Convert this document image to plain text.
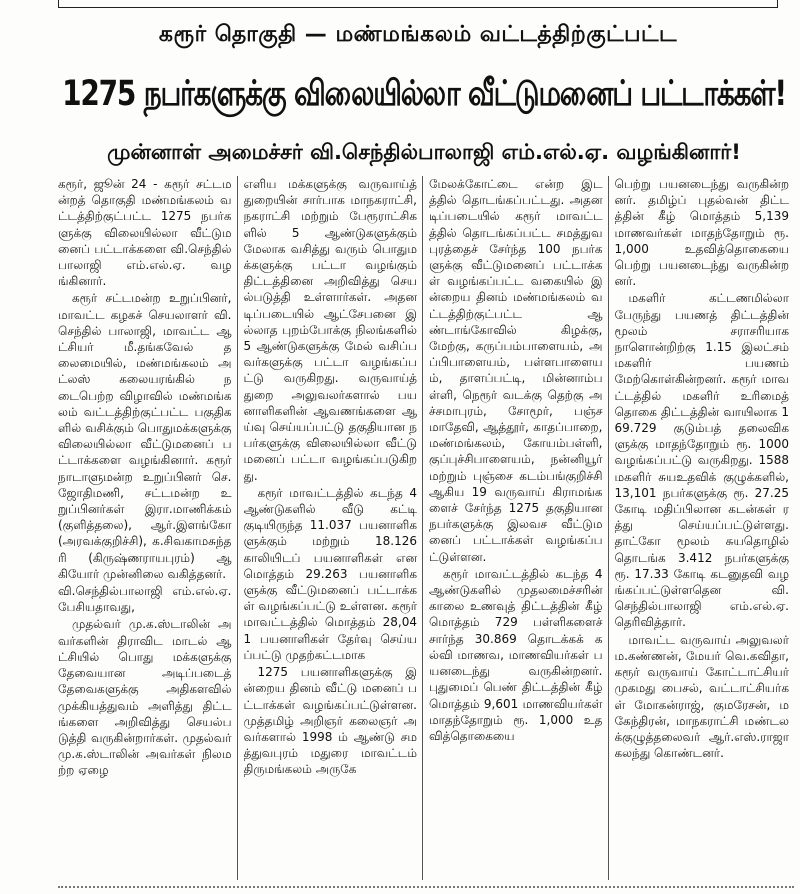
கரூர் தொகுதி — மண்மங்கலம் வட்டத்திற்குட்பட்ட
1275 நபர்களுக்கு விலையில்லா வீட்டுமனைப் பட்டாக்கள்!
முன்னாள் அமைச்சர் வி.செந்தில்பாலாஜி எம்.எல்.ஏ. வழங்கினார்!

கரூர், ஜூன் 24 - கரூர் சட்டமன்றத் தொகுதி மண்மங்கலம் வட்டத்திற்குட்பட்ட 1275 நபர்களுக்கு விலையில்லா வீட்டுமனைப் பட்டாக்களை வி.செந்தில் பாலாஜி எம்.எல்.ஏ. வழங்கினார்.

கரூர் சட்டமன்ற உறுப்பினர், மாவட்ட கழகச் செயலாளர் வி.செந்தில் பாலாஜி, மாவட்ட ஆட்சியர் மீ.தங்கவேல் தலைமையில், மண்மங்கலம் அட்லஸ் கலையரங்கில் நடைபெற்ற விழாவில் மண்மங்கலம் வட்டத்திற்குட்பட்ட பகுதிகளில் வசிக்கும் பொதுமக்களுக்கு விலையில்லா வீட்டுமனைப் பட்டாக்களை வழங்கினார். கரூர் நாடாளுமன்ற உறுப்பினர் செ.ஜோதிமணி, சட்டமன்ற உறுப்பினர்கள் இரா.மாணிக்கம் (குளித்தலை), ஆர்.இளங்கோ (அரவக்குறிச்சி), க.சிவகாமசுந்தரி (கிருஷ்ணராயபுரம்) ஆகியோர் முன்னிலை வகித்தனர்.

வி.செந்தில்பாலாஜி எம்.எல்.ஏ. பேசியதாவது,

முதல்வர் மு.க.ஸ்டாலின் அவர்களின் திராவிட மாடல் ஆட்சியில் பொது மக்களுக்கு தேவையான அடிப்படைத் தேவைகளுக்கு அதிகளவில் முக்கியத்துவம் அளித்து திட்டங்களை அறிவித்து செயல்படுத்தி வருகின்றார்கள். முதல்வர் மு.க.ஸ்டாலின் அவர்கள் நிலமற்ற ஏழை

எளிய மக்களுக்கு வருவாய்த் துறையின் சார்பாக மாநகராட்சி, நகராட்சி மற்றும் பேரூராட்சிகளில் 5 ஆண்டுகளுக்கும் மேலாக வசித்து வரும் பொதுமக்களுக்கு பட்டா வழங்கும் திட்டத்தினை அறிவித்து செயல்படுத்தி உள்ளார்கள். அதனடிப்படையில் ஆட்சேபனை இல்லாத புறம்போக்கு நிலங்களில் 5 ஆண்டுகளுக்கு மேல் வசிப்பவர்களுக்கு பட்டா வழங்கப்பட்டு வருகிறது. வருவாய்த் துறை அலுவலர்களால் பயனாளிகளின் ஆவணங்களை ஆய்வு செய்யப்பட்டு தகுதியான நபர்களுக்கு விலையில்லா வீட்டு மனைப் பட்டா வழங்கப்படுகிறது.

கரூர் மாவட்டத்தில் கடந்த 4 ஆண்டுகளில் வீடு கட்டி குடியிருந்த 11.037 பயனாளிகளுக்கும் மற்றும் 18.126 காலியிடப் பயனாளிகள் என மொத்தம் 29.263 பயனாளிகளுக்கு வீட்டுமனைப் பட்டாக்கள் வழங்கப்பட்டு உள்ளன. கரூர் மாவட்டத்தில் மொத்தம் 28,041 பயனாளிகள் தேர்வு செய்யப்பட்டு முதற்கட்டமாக

1275 பயனாளிகளுக்கு இன்றைய தினம் வீட்டு மனைப் பட்டாக்கள் வழங்கப்பட்டுள்ளன. முத்தமிழ் அறிஞர் கலைஞர் அவர்களால் 1998 ம் ஆண்டு சமத்துவபுரம் மதுரை மாவட்டம் திருமங்கலம் அருகே

மேலக்கோட்டை என்ற இடத்தில் தொடங்கப்பட்டது. அதனடிப்படையில் கரூர் மாவட்டத்தில் தொடங்கப்பட்ட சமத்துவபுரத்தைச் சேர்ந்த 100 நபர்களுக்கு வீட்டுமனைப் பட்டாக்கள் வழங்கப்பட்ட வகையில் இன்றைய தினம் மண்மங்கலம் வட்டத்திற்குட்பட்ட ஆண்டாங்கோவில் கிழக்கு, மேற்கு, கருப்பம்பாளையம், அப்பிபாளையம், பள்ளபாளையம், தாளப்பட்டி, மின்னாம்பள்ளி, நெரூர் வடக்கு தெற்கு அச்சமாபுரம், சோமூர், பஞ்சமாதேவி, ஆத்தூர், காதப்பாறை, மண்மங்கலம், கோயம்பள்ளி, குப்புச்சிபாளையம், நன்னியூர் மற்றும் புஞ்சை கடம்பங்குறிச்சி ஆகிய 19 வருவாய் கிராமங்களைச் சேர்ந்த 1275 தகுதியான நபர்களுக்கு இலவச வீட்டுமனைப் பட்டாக்கள் வழங்கப்பட்டுள்ளன.

கரூர் மாவட்டத்தில் கடந்த 4 ஆண்டுகளில் முதலமைச்சரின் காலை உணவுத் திட்டத்தின் கீழ் மொத்தம் 729 பள்ளிகளைச் சார்ந்த 30.869 தொடக்கக் கல்வி மாணவ, மாணவியர்கள் பயனடைந்து வருகின்றனர். புதுமைப் பெண் திட்டத்தின் கீழ் மொத்தம் 9,601 மாணவியர்கள் மாதந்தோறும் ரூ. 1,000 உதவித்தொகையை

பெற்று பயனடைந்து வருகின்றனர். தமிழ்ப் புதல்வன் திட்டத்தின் கீழ் மொத்தம் 5,139 மாணவர்கள் மாதந்தோறும் ரூ. 1,000 உதவித்தொகையை பெற்று பயனடைந்து வருகின்றனர்.

மகளிர் கட்டணமில்லா பேருந்து பயணத் திட்டத்தின் மூலம் சராசரியாக நாளொன்றிற்கு 1.15 இலட்சம் மகளிர் பயணம் மேற்கொள்கின்றனர். கரூர் மாவட்டத்தில் மகளிர் உரிமைத் தொகை திட்டத்தின் வாயிலாக 169.729 குடும்பத் தலைவிகளுக்கு மாதந்தோறும் ரூ. 1000 வழங்கப்பட்டு வருகிறது. 1588 மகளிர் சுயஉதவிக் குழுக்களில், 13,101 நபர்களுக்கு ரூ. 27.25 கோடி மதிப்பிலான கடன்கள் ரத்து செய்யப்பட்டுள்ளது. தாட்கோ மூலம் சுயதொழில் தொடங்க 3.412 நபர்களுக்கு ரூ. 17.33 கோடி கடனுதவி வழங்கப்பட்டுள்ளதென வி.செந்தில்பாலாஜி எம்.எல்.ஏ. தெரிவித்தார்.

மாவட்ட வருவாய் அலுவலர் ம.கண்ணன், மேயர் வெ.கவிதா, கரூர் வருவாய் கோட்டாட்சியர் முகமது பைசல், வட்டாட்சியர்கள் மோகன்ராஜ், குமரேசன், மகேந்திரன், மாநகராட்சி மண்டலக்குழுத்தலைவர் ஆர்.எஸ்.ராஜா கலந்து கொண்டனர்.
